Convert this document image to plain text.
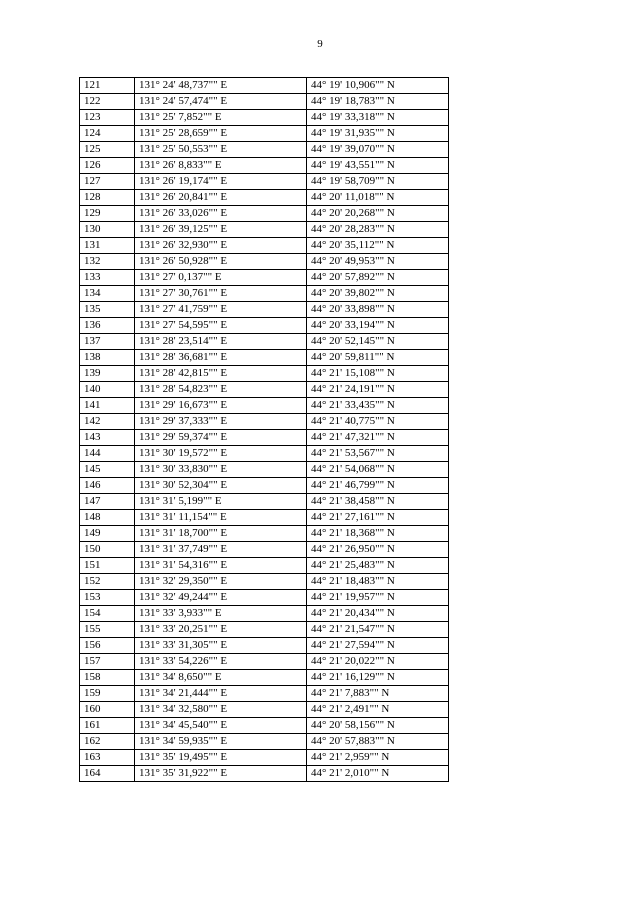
9
121	131° 24' 48,737"" E	44° 19' 10,906"" N
122	131° 24' 57,474"" E	44° 19' 18,783"" N
123	131° 25' 7,852"" E	44° 19' 33,318"" N
124	131° 25' 28,659"" E	44° 19' 31,935"" N
125	131° 25' 50,553"" E	44° 19' 39,070"" N
126	131° 26' 8,833"" E	44° 19' 43,551"" N
127	131° 26' 19,174"" E	44° 19' 58,709"" N
128	131° 26' 20,841"" E	44° 20' 11,018"" N
129	131° 26' 33,026"" E	44° 20' 20,268"" N
130	131° 26' 39,125"" E	44° 20' 28,283"" N
131	131° 26' 32,930"" E	44° 20' 35,112"" N
132	131° 26' 50,928"" E	44° 20' 49,953"" N
133	131° 27' 0,137"" E	44° 20' 57,892"" N
134	131° 27' 30,761"" E	44° 20' 39,802"" N
135	131° 27' 41,759"" E	44° 20' 33,898"" N
136	131° 27' 54,595"" E	44° 20' 33,194"" N
137	131° 28' 23,514"" E	44° 20' 52,145"" N
138	131° 28' 36,681"" E	44° 20' 59,811"" N
139	131° 28' 42,815"" E	44° 21' 15,108"" N
140	131° 28' 54,823"" E	44° 21' 24,191"" N
141	131° 29' 16,673"" E	44° 21' 33,435"" N
142	131° 29' 37,333"" E	44° 21' 40,775"" N
143	131° 29' 59,374"" E	44° 21' 47,321"" N
144	131° 30' 19,572"" E	44° 21' 53,567"" N
145	131° 30' 33,830"" E	44° 21' 54,068"" N
146	131° 30' 52,304"" E	44° 21' 46,799"" N
147	131° 31' 5,199"" E	44° 21' 38,458"" N
148	131° 31' 11,154"" E	44° 21' 27,161"" N
149	131° 31' 18,700"" E	44° 21' 18,368"" N
150	131° 31' 37,749"" E	44° 21' 26,950"" N
151	131° 31' 54,316"" E	44° 21' 25,483"" N
152	131° 32' 29,350"" E	44° 21' 18,483"" N
153	131° 32' 49,244"" E	44° 21' 19,957"" N
154	131° 33' 3,933"" E	44° 21' 20,434"" N
155	131° 33' 20,251"" E	44° 21' 21,547"" N
156	131° 33' 31,305"" E	44° 21' 27,594"" N
157	131° 33' 54,226"" E	44° 21' 20,022"" N
158	131° 34' 8,650"" E	44° 21' 16,129"" N
159	131° 34' 21,444"" E	44° 21' 7,883"" N
160	131° 34' 32,580"" E	44° 21' 2,491"" N
161	131° 34' 45,540"" E	44° 20' 58,156"" N
162	131° 34' 59,935"" E	44° 20' 57,883"" N
163	131° 35' 19,495"" E	44° 21' 2,959"" N
164	131° 35' 31,922"" E	44° 21' 2,010"" N
